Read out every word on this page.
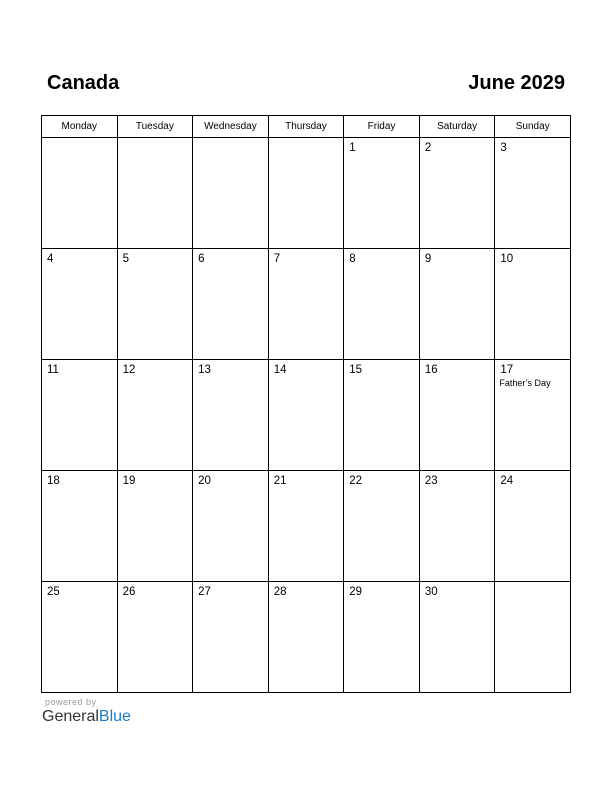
Canada	June 2029
Monday	Tuesday	Wednesday	Thursday	Friday	Saturday	Sunday

				1	2	3

4	5	6	7	8	9	10

11	12	13	14	15	16	17
Father’s Day

18	19	20	21	22	23	24

25	26	27	28	29	30	

powered by
GeneralBlue
